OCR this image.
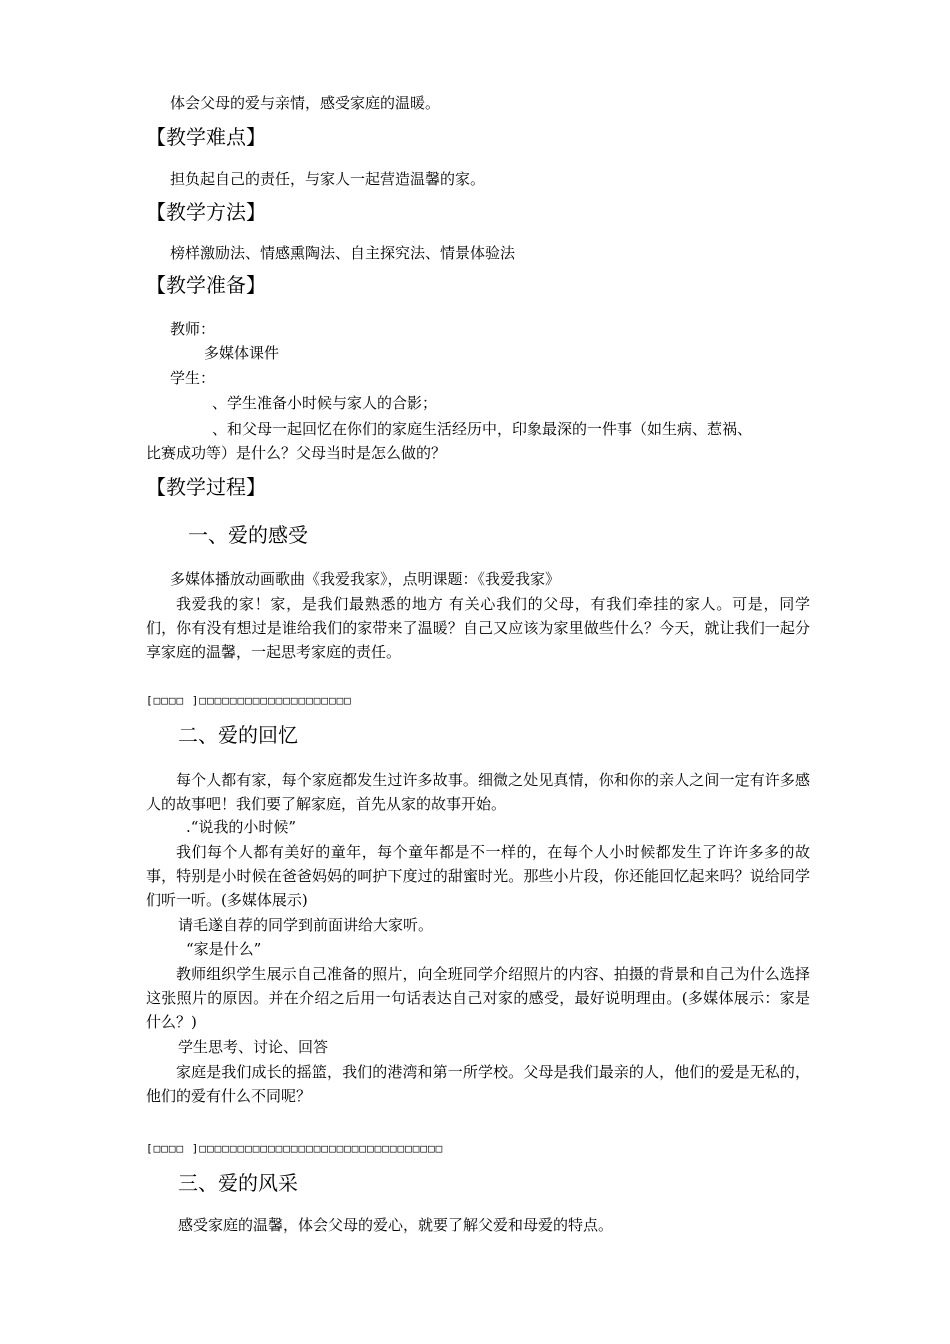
体会父母的爱与亲情，感受家庭的温暖。
【教学难点】
担负起自己的责任，与家人一起营造温馨的家。
【教学方法】
榜样激励法、情感熏陶法、自主探究法、情景体验法
【教学准备】
教师：
多媒体课件
学生：
、学生准备小时候与家人的合影；
、和父母一起回忆在你们的家庭生活经历中，印象最深的一件事（如生病、惹祸、
比赛成功等）是什么？父母当时是怎么做的？
【教学过程】
一、爱的感受
多媒体播放动画歌曲《我爱我家》，点明课题：《我爱我家》
我爱我的家！家，是我们最熟悉的地方 有关心我们的父母，有我们牵挂的家人。可是，同学们，你有没有想过是谁给我们的家带来了温暖？自己又应该为家里做些什么？今天，就让我们一起分享家庭的温馨，一起思考家庭的责任。
[□□□□ ]□□□□□□□□□□□□□□□□□□□□
二、爱的回忆
每个人都有家，每个家庭都发生过许多故事。细微之处见真情，你和你的亲人之间一定有许多感人的故事吧！我们要了解家庭，首先从家的故事开始。
.“说我的小时候”
我们每个人都有美好的童年，每个童年都是不一样的，在每个人小时候都发生了许许多多的故事，特别是小时候在爸爸妈妈的呵护下度过的甜蜜时光。那些小片段，你还能回忆起来吗？说给同学们听一听。(多媒体展示)
请毛遂自荐的同学到前面讲给大家听。
“家是什么”
教师组织学生展示自己准备的照片，向全班同学介绍照片的内容、拍摄的背景和自己为什么选择这张照片的原因。并在介绍之后用一句话表达自己对家的感受，最好说明理由。(多媒体展示：家是什么？)
学生思考、讨论、回答
家庭是我们成长的摇篮，我们的港湾和第一所学校。父母是我们最亲的人，他们的爱是无私的，他们的爱有什么不同呢？
[□□□□ ]□□□□□□□□□□□□□□□□□□□□□□□□□□□□□□□□
三、爱的风采
感受家庭的温馨，体会父母的爱心，就要了解父爱和母爱的特点。
